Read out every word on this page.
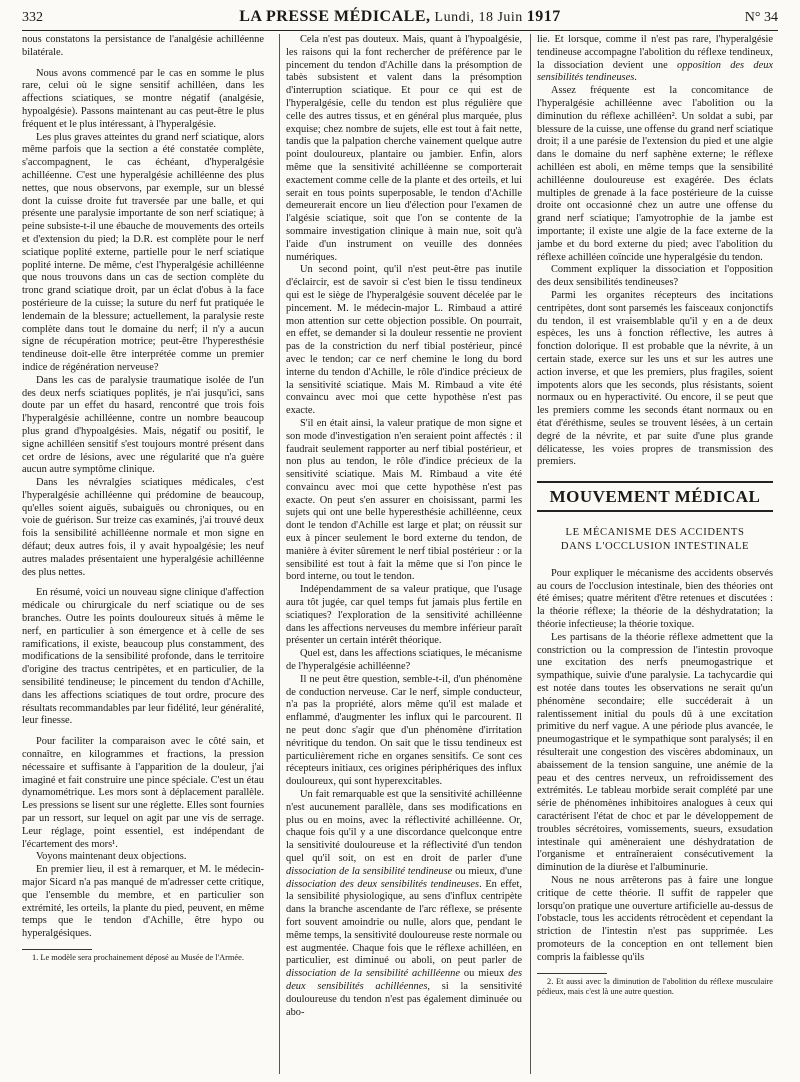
332	LA PRESSE MÉDICALE, Lundi, 18 Juin 1917	N° 34

nous constatons la persistance de l'analgésie achilléenne bilatérale.

Nous avons commencé par le cas en somme le plus rare, celui où le signe sensitif achilléen, dans les affections sciatiques, se montre négatif (analgésie, hypoalgésie). Passons maintenant au cas peut-être le plus fréquent et le plus intéressant, à l'hyperalgésie.

Les plus graves atteintes du grand nerf sciatique, alors même parfois que la section a été constatée complète, s'accompagnent, le cas échéant, d'hyperalgésie achilléenne. C'est une hyperalgésie achilléenne des plus nettes, que nous observons, par exemple, sur un blessé dont la cuisse droite fut traversée par une balle, et qui présente une paralysie importante de son nerf sciatique; à peine subsiste-t-il une ébauche de mouvements des orteils et d'extension du pied; la D.R. est complète pour le nerf sciatique poplité externe, partielle pour le nerf sciatique poplité interne. De même, c'est l'hyperalgésie achilléenne que nous trouvons dans un cas de section complète du tronc grand sciatique droit, par un éclat d'obus à la face postérieure de la cuisse; la suture du nerf fut pratiquée le lendemain de la blessure; actuellement, la paralysie reste complète dans tout le domaine du nerf; il n'y a aucun signe de récupération motrice; peut-être l'hyperesthésie tendineuse doit-elle être interprétée comme un premier indice de régénération nerveuse?

Dans les cas de paralysie traumatique isolée de l'un des deux nerfs sciatiques poplités, je n'ai jusqu'ici, sans doute par un effet du hasard, rencontré que trois fois l'hyperalgésie achilléenne, contre un nombre beaucoup plus grand d'hypoalgésies. Mais, négatif ou positif, le signe achilléen sensitif s'est toujours montré présent dans cet ordre de lésions, avec une régularité que n'a guère aucun autre symptôme clinique.

Dans les névralgies sciatiques médicales, c'est l'hyperalgésie achilléenne qui prédomine de beaucoup, qu'elles soient aiguës, subaiguës ou chroniques, ou en voie de guérison. Sur treize cas examinés, j'ai trouvé deux fois la sensibilité achilléenne normale et mon signe en défaut; deux autres fois, il y avait hypoalgésie; les neuf autres malades présentaient une hyperalgésie achilléenne des plus nettes.

En résumé, voici un nouveau signe clinique d'affection médicale ou chirurgicale du nerf sciatique ou de ses branches. Outre les points douloureux situés à même le nerf, en particulier à son émergence et à celle de ses ramifications, il existe, beaucoup plus constamment, des modifications de la sensibilité profonde, dans le territoire d'origine des tractus centripètes, et en particulier, de la sensibilité tendineuse; le pincement du tendon d'Achille, dans les affections sciatiques de tout ordre, procure des résultats recommandables par leur fidélité, leur généralité, leur finesse.

Pour faciliter la comparaison avec le côté sain, et connaître, en kilogrammes et fractions, la pression nécessaire et suffisante à l'apparition de la douleur, j'ai imaginé et fait construire une pince spéciale. C'est un étau dynamométrique. Les mors sont à déplacement parallèle. Les pressions se lisent sur une réglette. Elles sont fournies par un ressort, sur lequel on agit par une vis de serrage. Leur réglage, point essentiel, est indépendant de l'écartement des mors¹.

Voyons maintenant deux objections.

En premier lieu, il est à remarquer, et M. le médecin-major Sicard n'a pas manqué de m'adresser cette critique, que l'ensemble du membre, et en particulier son extrémité, les orteils, la plante du pied, peuvent, en même temps que le tendon d'Achille, être hypo ou hyperalgésiques.

1. Le modèle sera prochainement déposé au Musée de l'Armée.

Cela n'est pas douteux. Mais, quant à l'hypoalgésie, les raisons qui la font rechercher de préférence par le pincement du tendon d'Achille dans la présomption de tabès subsistent et valent dans la présomption d'interruption sciatique. Et pour ce qui est de l'hyperalgésie, celle du tendon est plus régulière que celle des autres tissus, et en général plus marquée, plus exquise; chez nombre de sujets, elle est tout à fait nette, tandis que la palpation cherche vainement quelque autre point douloureux, plantaire ou jambier. Enfin, alors même que la sensitivité achilléenne se comporterait exactement comme celle de la plante et des orteils, et lui serait en tous points superposable, le tendon d'Achille demeurerait encore un lieu d'élection pour l'examen de l'algésie sciatique, soit que l'on se contente de la sommaire investigation clinique à main nue, soit qu'à l'aide d'un instrument on veuille des données numériques.

Un second point, qu'il n'est peut-être pas inutile d'éclaircir, est de savoir si c'est bien le tissu tendineux qui est le siège de l'hyperalgésie souvent décelée par le pincement. M. le médecin-major L. Rimbaud a attiré mon attention sur cette objection possible. On pourrait, en effet, se demander si la douleur ressentie ne provient pas de la constriction du nerf tibial postérieur, pincé avec le tendon; car ce nerf chemine le long du bord interne du tendon d'Achille, le rôle d'indice précieux de la sensitivité sciatique. Mais M. Rimbaud a vite été convaincu avec moi que cette hypothèse n'est pas exacte.

S'il en était ainsi, la valeur pratique de mon signe et son mode d'investigation n'en seraient point affectés : il faudrait seulement rapporter au nerf tibial postérieur, et non plus au tendon, le rôle d'indice précieux de la sensitivité sciatique. Mais M. Rimbaud a vite été convaincu avec moi que cette hypothèse n'est pas exacte. On peut s'en assurer en choisissant, parmi les sujets qui ont une belle hyperesthésie achilléenne, ceux dont le tendon d'Achille est large et plat; on réussit sur eux à pincer seulement le bord externe du tendon, de manière à éviter sûrement le nerf tibial postérieur : or la sensibilité est tout à fait la même que si l'on pince le bord interne, ou tout le tendon.

Indépendamment de sa valeur pratique, que l'usage aura tôt jugée, car quel temps fut jamais plus fertile en sciatiques? l'exploration de la sensitivité achilléenne dans les affections nerveuses du membre inférieur paraît présenter un certain intérêt théorique.

Quel est, dans les affections sciatiques, le mécanisme de l'hyperalgésie achilléenne?

Il ne peut être question, semble-t-il, d'un phénomène de conduction nerveuse. Car le nerf, simple conducteur, n'a pas la propriété, alors même qu'il est malade et enflammé, d'augmenter les influx qui le parcourent. Il ne peut donc s'agir que d'un phénomène d'irritation névritique du tendon. On sait que le tissu tendineux est particulièrement riche en organes sensitifs. Ce sont ces récepteurs initiaux, ces origines périphériques des influx douloureux, qui sont hyperexcitables.

Un fait remarquable est que la sensitivité achilléenne n'est aucunement parallèle, dans ses modifications en plus ou en moins, avec la réflectivité achilléenne. Or, chaque fois qu'il y a une discordance quelconque entre la sensitivité douloureuse et la réflectivité d'un tendon quel qu'il soit, on est en droit de parler d'une dissociation de la sensibilité tendineuse ou mieux, d'une dissociation des deux sensibilités tendineuses. En effet, la sensibilité physiologique, au sens d'influx centripète dans la branche ascendante de l'arc réflexe, se présente fort souvent amoindrie ou nulle, alors que, pendant le même temps, la sensitivité douloureuse reste normale ou est augmentée. Chaque fois que le réflexe achilléen, en particulier, est diminué ou aboli, on peut parler de dissociation de la sensibilité achilléenne ou mieux des deux sensibilités achilléennes, si la sensitivité douloureuse du tendon n'est pas également diminuée ou abo-

lie. Et lorsque, comme il n'est pas rare, l'hyperalgésie tendineuse accompagne l'abolition du réflexe tendineux, la dissociation devient une opposition des deux sensibilités tendineuses.

Assez fréquente est la concomitance de l'hyperalgésie achilléenne avec l'abolition ou la diminution du réflexe achilléen². Un soldat a subi, par blessure de la cuisse, une offense du grand nerf sciatique droit; il a une parésie de l'extension du pied et une algie dans le domaine du nerf saphène externe; le réflexe achilléen est aboli, en même temps que la sensibilité achilléenne douloureuse est exagérée. Des éclats multiples de grenade à la face postérieure de la cuisse droite ont occasionné chez un autre une offense du grand nerf sciatique; l'amyotrophie de la jambe est importante; il existe une algie de la face externe de la jambe et du bord externe du pied; avec l'abolition du réflexe achilléen coïncide une hyperalgésie du tendon.

Comment expliquer la dissociation et l'opposition des deux sensibilités tendineuses?

Parmi les organites récepteurs des incitations centripètes, dont sont parsemés les faisceaux conjonctifs du tendon, il est vraisemblable qu'il y en a de deux espèces, les uns à fonction réflective, les autres à fonction dolorique. Il est probable que la névrite, à un certain stade, exerce sur les uns et sur les autres une action inverse, et que les premiers, plus fragiles, soient impotents alors que les seconds, plus résistants, soient normaux ou en hyperactivité. Ou encore, il se peut que les premiers comme les seconds étant normaux ou en état d'éréthisme, seules se trouvent lésées, à un certain degré de la névrite, et par suite d'une plus grande délicatesse, les voies propres de transmission des premiers.

MOUVEMENT MÉDICAL
LE MÉCANISME DES ACCIDENTS
DANS L'OCCLUSION INTESTINALE

Pour expliquer le mécanisme des accidents observés au cours de l'occlusion intestinale, bien des théories ont été émises; quatre méritent d'être retenues et discutées : la théorie réflexe; la théorie de la déshydratation; la théorie infectieuse; la théorie toxique.

Les partisans de la théorie réflexe admettent que la constriction ou la compression de l'intestin provoque une excitation des nerfs pneumogastrique et sympathique, suivie d'une paralysie. La tachycardie qui est notée dans toutes les observations ne serait qu'un phénomène secondaire; elle succéderait à un ralentissement initial du pouls dû à une excitation primitive du nerf vague. A une période plus avancée, le pneumogastrique et le sympathique sont paralysés; il en résulterait une congestion des viscères abdominaux, un abaissement de la tension sanguine, une anémie de la peau et des centres nerveux, un refroidissement des extrémités. Le tableau morbide serait complété par une série de phénomènes inhibitoires analogues à ceux qui caractérisent l'état de choc et par le développement de troubles sécrétoires, vomissements, sueurs, exsudation intestinale qui amèneraient une déshydratation de l'organisme et entraîneraient consécutivement la diminution de la diurèse et l'albuminurie.

Nous ne nous arrêterons pas à faire une longue critique de cette théorie. Il suffit de rappeler que lorsqu'on pratique une ouverture artificielle au-dessus de l'obstacle, tous les accidents rétrocèdent et cependant la striction de l'intestin n'est pas supprimée. Les promoteurs de la conception en ont tellement bien compris la faiblesse qu'ils

2. Et aussi avec la diminution de l'abolition du réflexe musculaire pédieux, mais c'est là une autre question.
